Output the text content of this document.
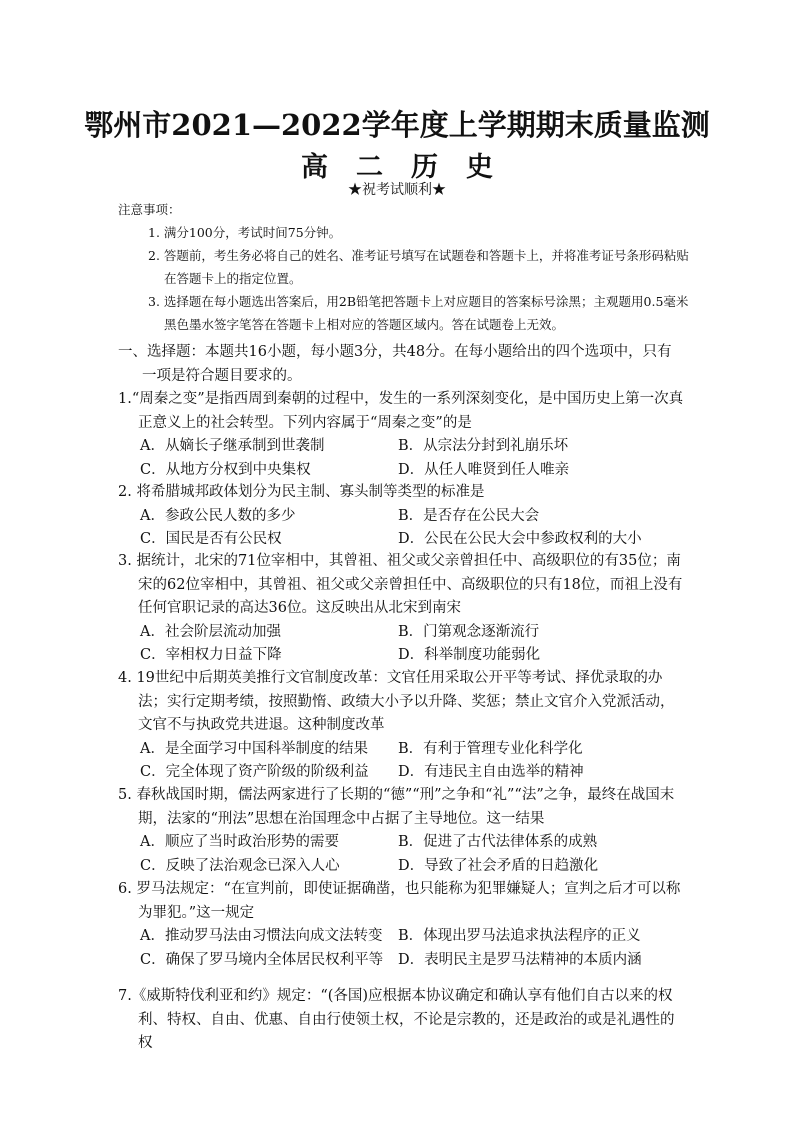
鄂州市2021—2022学年度上学期期末质量监测
高二历史
★祝考试顺利★
注意事项：
1. 满分100分，考试时间75分钟。
2. 答题前，考生务必将自己的姓名、准考证号填写在试题卷和答题卡上，并将准考证号条形码粘贴在答题卡上的指定位置。
3. 选择题在每小题选出答案后，用2B铅笔把答题卡上对应题目的答案标号涂黑；主观题用0.5毫米黑色墨水签字笔答在答题卡上相对应的答题区域内。答在试题卷上无效。
一、选择题：本题共16小题，每小题3分，共48分。在每小题给出的四个选项中，只有一项是符合题目要求的。
1.“周秦之变”是指西周到秦朝的过程中，发生的一系列深刻变化，是中国历史上第一次真正意义上的社会转型。下列内容属于“周秦之变”的是
A．从嫡长子继承制到世袭制	B．从宗法分封到礼崩乐坏
C．从地方分权到中央集权	D．从任人唯贤到任人唯亲
2. 将希腊城邦政体划分为民主制、寡头制等类型的标准是
A．参政公民人数的多少	B．是否存在公民大会
C．国民是否有公民权	D．公民在公民大会中参政权利的大小
3. 据统计，北宋的71位宰相中，其曾祖、祖父或父亲曾担任中、高级职位的有35位；南宋的62位宰相中，其曾祖、祖父或父亲曾担任中、高级职位的只有18位，而祖上没有任何官职记录的高达36位。这反映出从北宋到南宋
A．社会阶层流动加强	B．门第观念逐渐流行
C．宰相权力日益下降	D．科举制度功能弱化
4. 19世纪中后期英美推行文官制度改革：文官任用采取公开平等考试、择优录取的办法；实行定期考绩，按照勤惰、政绩大小予以升降、奖惩；禁止文官介入党派活动，文官不与执政党共进退。这种制度改革
A．是全面学习中国科举制度的结果	B．有利于管理专业化科学化
C．完全体现了资产阶级的阶级利益	D．有违民主自由选举的精神
5. 春秋战国时期，儒法两家进行了长期的“德”“刑”之争和“礼”“法”之争，最终在战国末期，法家的“刑法”思想在治国理念中占据了主导地位。这一结果
A．顺应了当时政治形势的需要	B．促进了古代法律体系的成熟
C．反映了法治观念已深入人心	D．导致了社会矛盾的日趋激化
6. 罗马法规定：“在宣判前，即使证据确凿，也只能称为犯罪嫌疑人；宣判之后才可以称为罪犯。”这一规定
A．推动罗马法由习惯法向成文法转变	B．体现出罗马法追求执法程序的正义
C．确保了罗马境内全体居民权利平等	D．表明民主是罗马法精神的本质内涵
7.《威斯特伐利亚和约》规定：“(各国)应根据本协议确定和确认享有他们自古以来的权利、特权、自由、优惠、自由行使领土权，不论是宗教的，还是政治的或是礼遇性的权
